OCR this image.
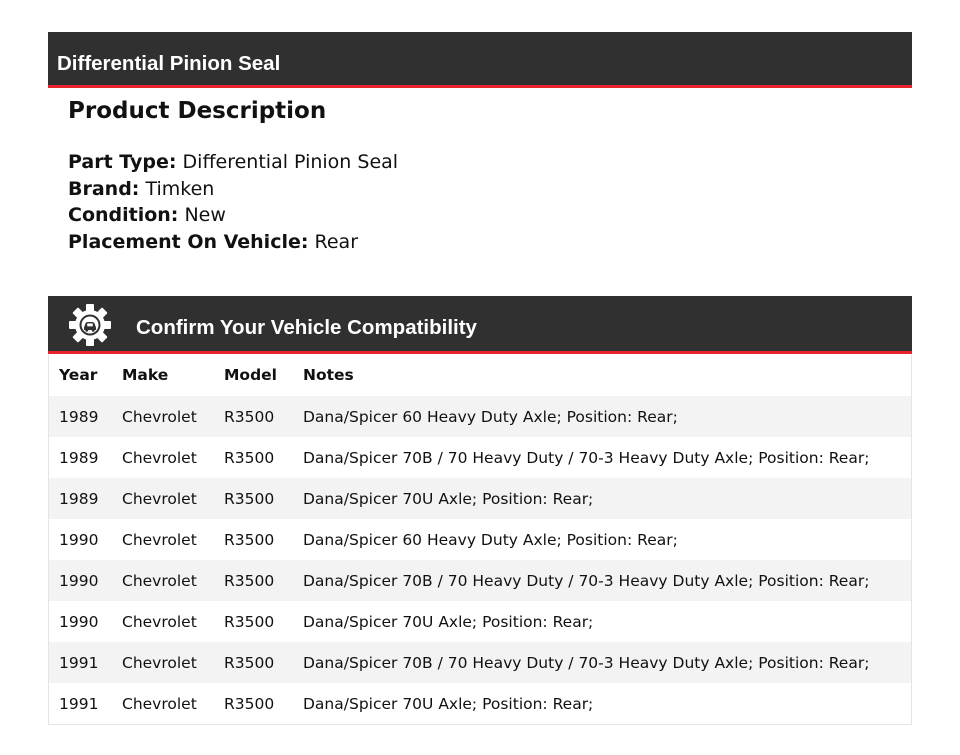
Differential Pinion Seal
Product Description
Part Type: Differential Pinion Seal
Brand: Timken
Condition: New
Placement On Vehicle: Rear
Confirm Your Vehicle Compatibility
Year	Make	Model	Notes
1989	Chevrolet	R3500	Dana/Spicer 60 Heavy Duty Axle; Position: Rear;
1989	Chevrolet	R3500	Dana/Spicer 70B / 70 Heavy Duty / 70-3 Heavy Duty Axle; Position: Rear;
1989	Chevrolet	R3500	Dana/Spicer 70U Axle; Position: Rear;
1990	Chevrolet	R3500	Dana/Spicer 60 Heavy Duty Axle; Position: Rear;
1990	Chevrolet	R3500	Dana/Spicer 70B / 70 Heavy Duty / 70-3 Heavy Duty Axle; Position: Rear;
1990	Chevrolet	R3500	Dana/Spicer 70U Axle; Position: Rear;
1991	Chevrolet	R3500	Dana/Spicer 70B / 70 Heavy Duty / 70-3 Heavy Duty Axle; Position: Rear;
1991	Chevrolet	R3500	Dana/Spicer 70U Axle; Position: Rear;
